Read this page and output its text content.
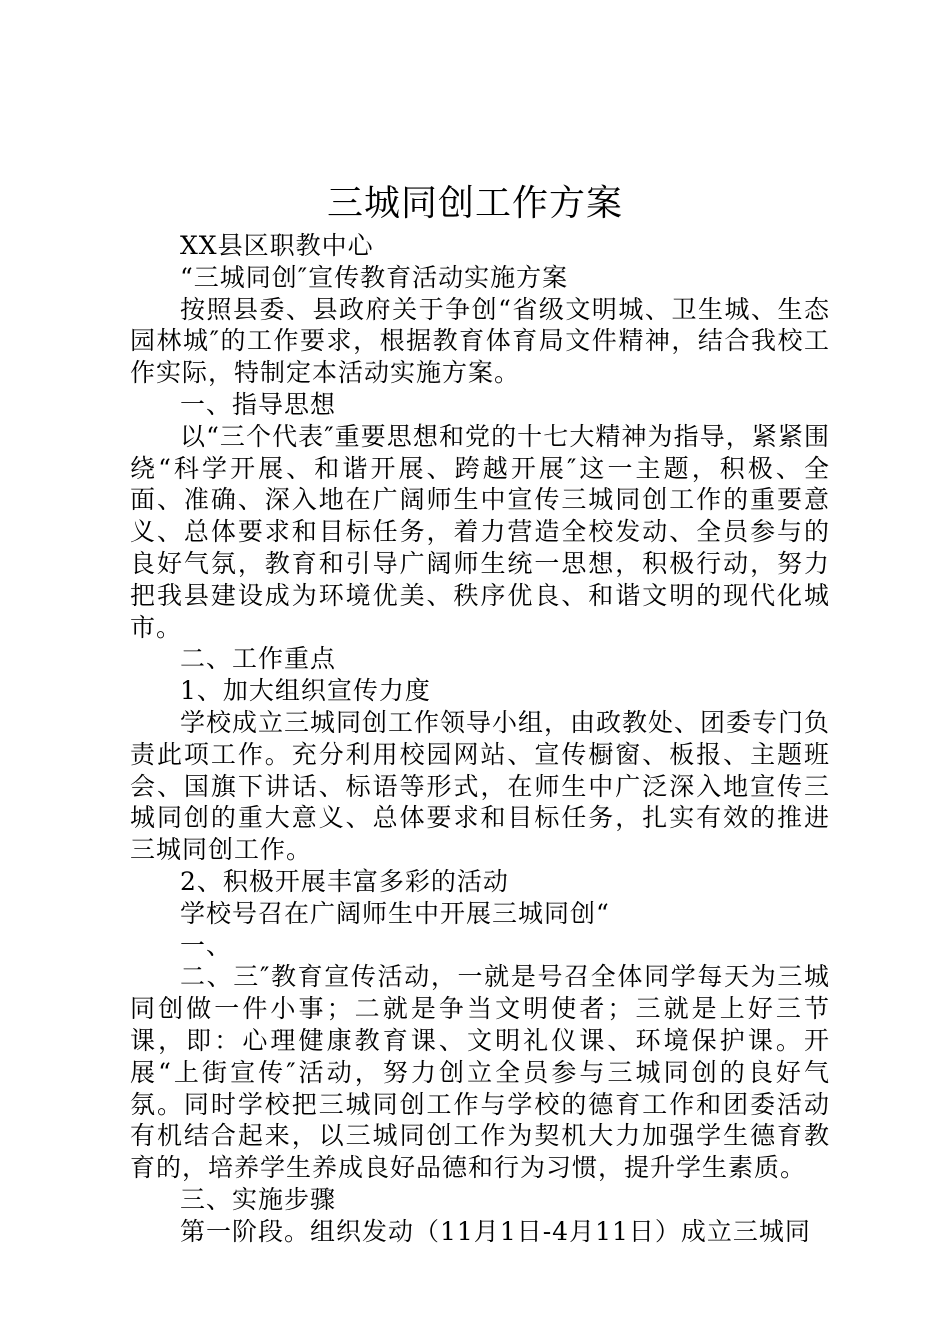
三城同创工作方案

XX县区职教中心

“三城同创″宣传教育活动实施方案

按照县委、县政府关于争创“省级文明城、卫生城、生态园林城″的工作要求，根据教育体育局文件精神，结合我校工作实际，特制定本活动实施方案。

一、指导思想

以“三个代表″重要思想和党的十七大精神为指导，紧紧围绕“科学开展、和谐开展、跨越开展″这一主题，积极、全面、准确、深入地在广阔师生中宣传三城同创工作的重要意义、总体要求和目标任务，着力营造全校发动、全员参与的良好气氛，教育和引导广阔师生统一思想，积极行动，努力把我县建设成为环境优美、秩序优良、和谐文明的现代化城市。

二、工作重点

1、加大组织宣传力度

学校成立三城同创工作领导小组，由政教处、团委专门负责此项工作。充分利用校园网站、宣传橱窗、板报、主题班会、国旗下讲话、标语等形式，在师生中广泛深入地宣传三城同创的重大意义、总体要求和目标任务，扎实有效的推进三城同创工作。

2、积极开展丰富多彩的活动

学校号召在广阔师生中开展三城同创“

一、

二、三″教育宣传活动，一就是号召全体同学每天为三城同创做一件小事；二就是争当文明使者；三就是上好三节课，即：心理健康教育课、文明礼仪课、环境保护课。开展“上街宣传″活动，努力创立全员参与三城同创的良好气氛。同时学校把三城同创工作与学校的德育工作和团委活动有机结合起来，以三城同创工作为契机大力加强学生德育教育的，培养学生养成良好品德和行为习惯，提升学生素质。

三、实施步骤

第一阶段。组织发动（11月1日-4月11日）成立三城同
